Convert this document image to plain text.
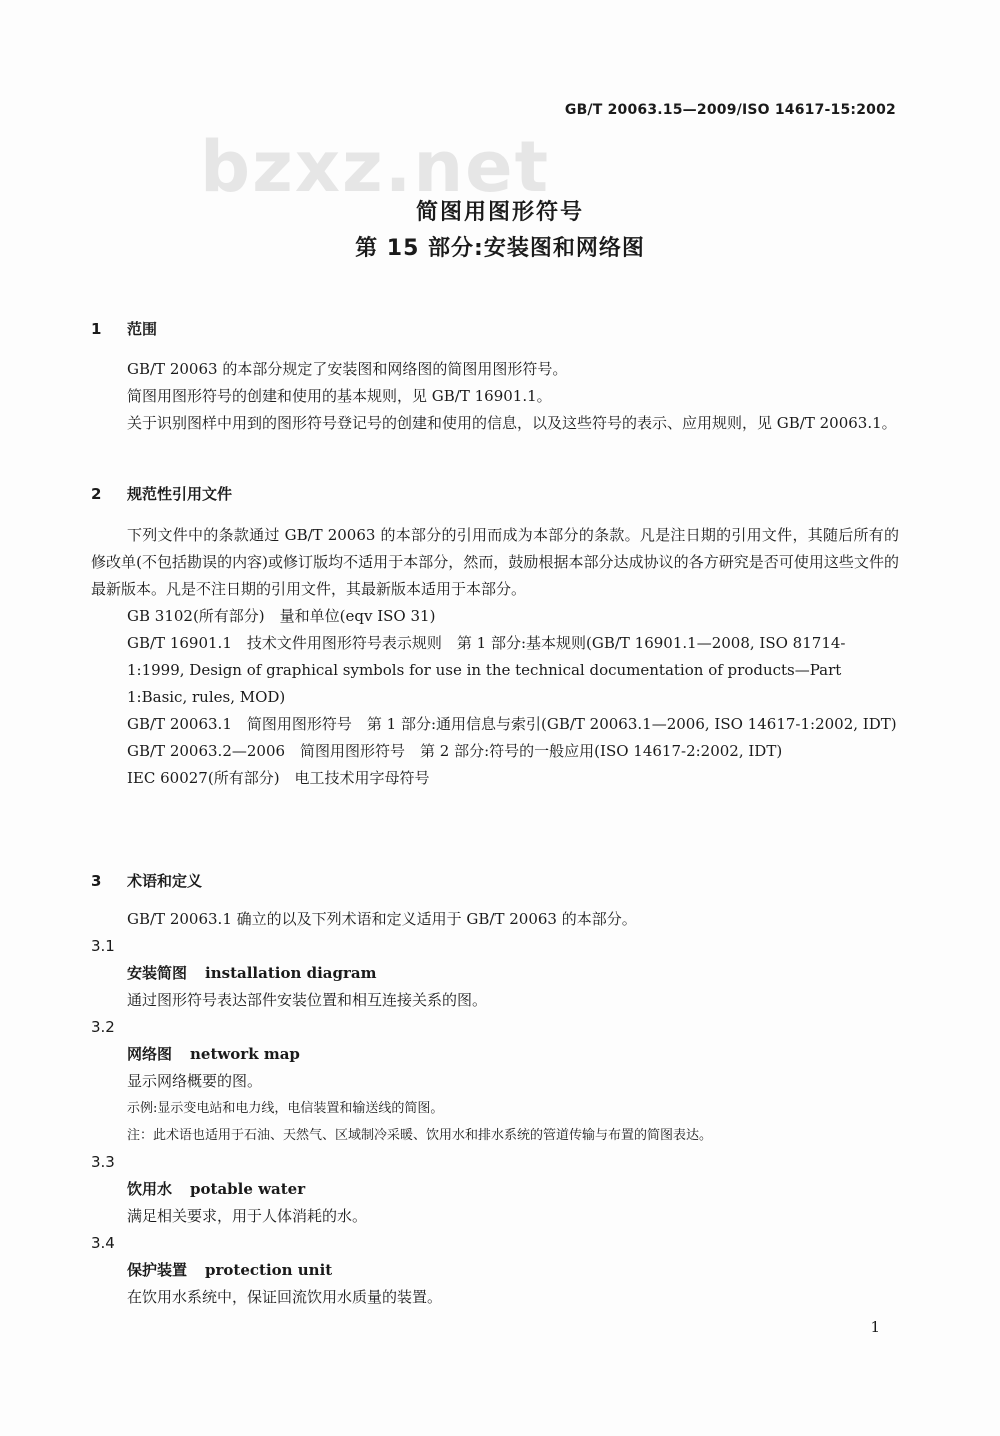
GB/T 20063.15—2009/ISO 14617-15:2002
bzxz.net
简图用图形符号
第 15 部分:安装图和网络图
1 范围
GB/T 20063 的本部分规定了安装图和网络图的简图用图形符号。
简图用图形符号的创建和使用的基本规则，见 GB/T 16901.1。
关于识别图样中用到的图形符号登记号的创建和使用的信息，以及这些符号的表示、应用规则，见 GB/T 20063.1。
2 规范性引用文件
下列文件中的条款通过 GB/T 20063 的本部分的引用而成为本部分的条款。凡是注日期的引用文件，其随后所有的修改单(不包括勘误的内容)或修订版均不适用于本部分，然而，鼓励根据本部分达成协议的各方研究是否可使用这些文件的最新版本。凡是不注日期的引用文件，其最新版本适用于本部分。
GB 3102(所有部分)　量和单位(eqv ISO 31)
GB/T 16901.1　技术文件用图形符号表示规则　第 1 部分:基本规则(GB/T 16901.1—2008, ISO 81714-1:1999, Design of graphical symbols for use in the technical documentation of products—Part 1:Basic, rules, MOD)
GB/T 20063.1　简图用图形符号　第 1 部分:通用信息与索引(GB/T 20063.1—2006, ISO 14617-1:2002, IDT)
GB/T 20063.2—2006　简图用图形符号　第 2 部分:符号的一般应用(ISO 14617-2:2002, IDT)
IEC 60027(所有部分)　电工技术用字母符号
3 术语和定义
GB/T 20063.1 确立的以及下列术语和定义适用于 GB/T 20063 的本部分。
3.1
安装简图 installation diagram
通过图形符号表达部件安装位置和相互连接关系的图。
3.2
网络图 network map
显示网络概要的图。
示例:显示变电站和电力线，电信装置和输送线的简图。
注：此术语也适用于石油、天然气、区域制冷采暖、饮用水和排水系统的管道传输与布置的简图表达。
3.3
饮用水 potable water
满足相关要求，用于人体消耗的水。
3.4
保护装置 protection unit
在饮用水系统中，保证回流饮用水质量的装置。
1
